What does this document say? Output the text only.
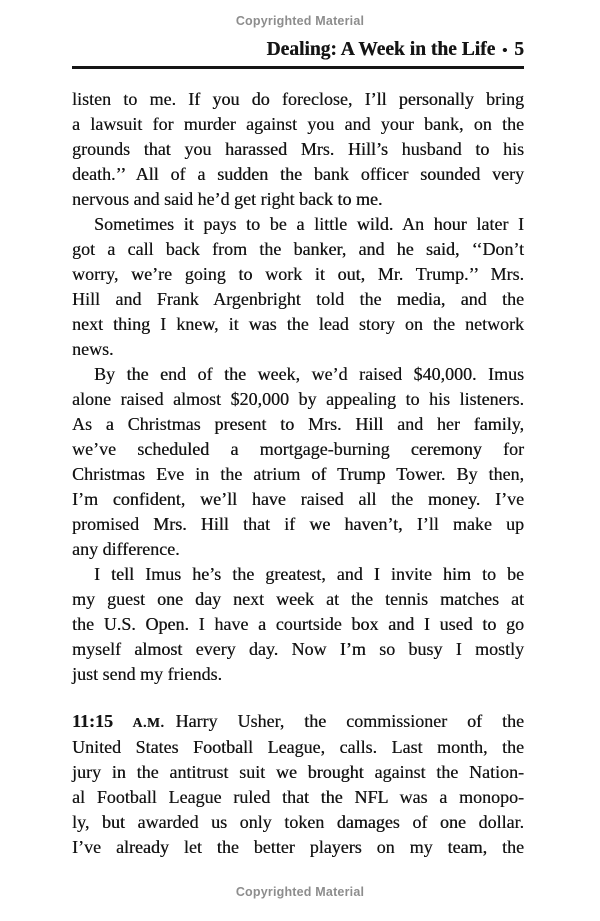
Copyrighted Material
Dealing: A Week in the Life • 5
listen to me. If you do foreclose, I’ll personally bring
a lawsuit for murder against you and your bank, on the
grounds that you harassed Mrs. Hill’s husband to his
death.’’ All of a sudden the bank officer sounded very
nervous and said he’d get right back to me.
Sometimes it pays to be a little wild. An hour later I
got a call back from the banker, and he said, ‘‘Don’t
worry, we’re going to work it out, Mr. Trump.’’ Mrs.
Hill and Frank Argenbright told the media, and the
next thing I knew, it was the lead story on the network
news.
By the end of the week, we’d raised $40,000. Imus
alone raised almost $20,000 by appealing to his listeners.
As a Christmas present to Mrs. Hill and her family,
we’ve scheduled a mortgage-burning ceremony for
Christmas Eve in the atrium of Trump Tower. By then,
I’m confident, we’ll have raised all the money. I’ve
promised Mrs. Hill that if we haven’t, I’ll make up
any difference.
I tell Imus he’s the greatest, and I invite him to be
my guest one day next week at the tennis matches at
the U.S. Open. I have a courtside box and I used to go
myself almost every day. Now I’m so busy I mostly
just send my friends.
11:15 A.M. Harry Usher, the commissioner of the
United States Football League, calls. Last month, the
jury in the antitrust suit we brought against the Nation-
al Football League ruled that the NFL was a monopo-
ly, but awarded us only token damages of one dollar.
I’ve already let the better players on my team, the
Copyrighted Material
